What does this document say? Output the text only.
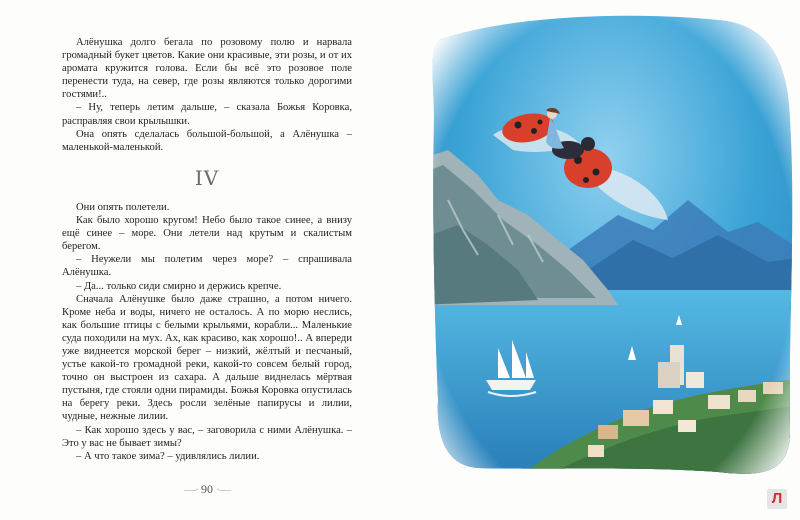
Алёнушка долго бегала по розовому полю и нарвала громадный букет цветов. Какие они красивые, эти розы, и от их аромата кружится голова. Если бы всё это розовое поле перенести туда, на север, где розы являются только дорогими гостями!..

– Ну, теперь летим дальше, – сказала Божья Коровка, расправляя свои крылышки.

Она опять сделалась большой-большой, а Алёнушка – маленькой-маленькой.

IV

Они опять полетели.

Как было хорошо кругом! Небо было такое синее, а внизу ещё синее – море. Они летели над крутым и скалистым берегом.

– Неужели мы полетим через море? – спрашивала Алёнушка.

– Да... только сиди смирно и держись крепче.

Сначала Алёнушке было даже страшно, а потом ничего. Кроме неба и воды, ничего не осталось. А по морю неслись, как большие птицы с белыми крыльями, корабли... Маленькие суда походили на мух. Ах, как красиво, как хорошо!.. А впереди уже виднеется морской берег – низкий, жёлтый и песчаный, устье какой-то громадной реки, какой-то совсем белый город, точно он выстроен из сахара. А дальше виднелась мёртвая пустыня, где стояли одни пирамиды. Божья Коровка опустилась на берегу реки. Здесь росли зелёные папирусы и лилии, чудные, нежные лилии.

– Как хорошо здесь у вас, – заговорила с ними Алёнушка. – Это у вас не бывает зимы?

– А что такое зима? – удивлялись лилии.

—· 90 ·—
Л
